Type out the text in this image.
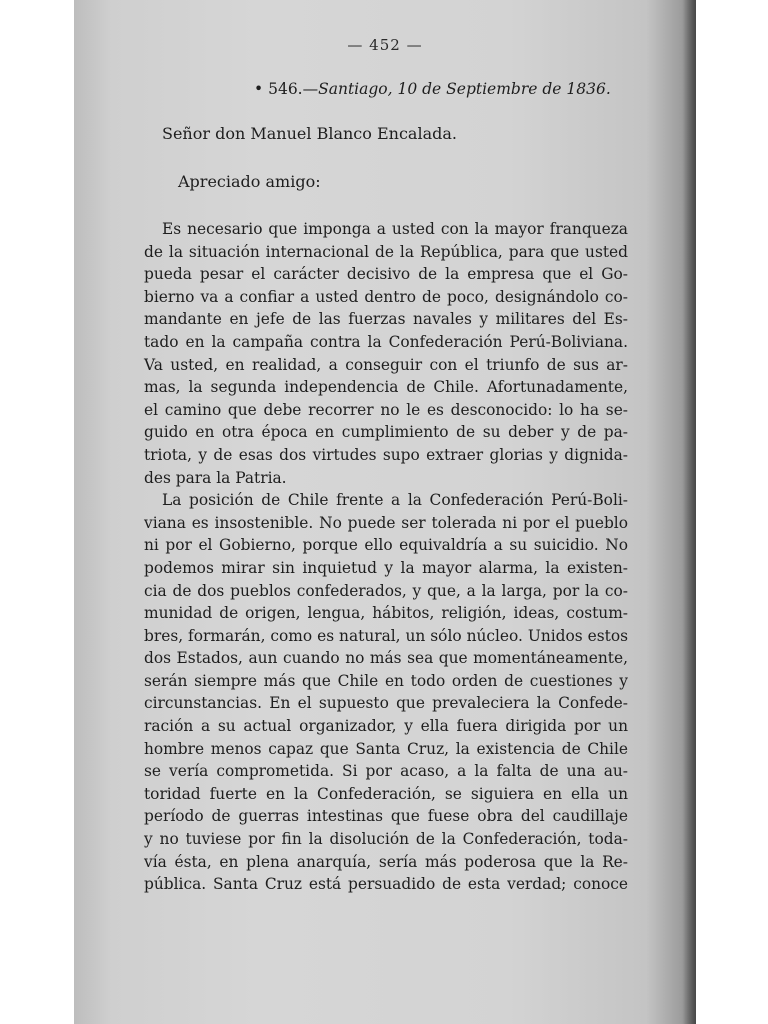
— 452 —
• 546.—Santiago, 10 de Septiembre de 1836.
Señor don Manuel Blanco Encalada.
Apreciado amigo:
Es necesario que imponga a usted con la mayor franqueza
de la situación internacional de la República, para que usted
pueda pesar el carácter decisivo de la empresa que el Go-
bierno va a confiar a usted dentro de poco, designándolo co-
mandante en jefe de las fuerzas navales y militares del Es-
tado en la campaña contra la Confederación Perú-Boliviana.
Va usted, en realidad, a conseguir con el triunfo de sus ar-
mas, la segunda independencia de Chile. Afortunadamente,
el camino que debe recorrer no le es desconocido: lo ha se-
guido en otra época en cumplimiento de su deber y de pa-
triota, y de esas dos virtudes supo extraer glorias y dignida-
des para la Patria.
La posición de Chile frente a la Confederación Perú-Boli-
viana es insostenible. No puede ser tolerada ni por el pueblo
ni por el Gobierno, porque ello equivaldría a su suicidio. No
podemos mirar sin inquietud y la mayor alarma, la existen-
cia de dos pueblos confederados, y que, a la larga, por la co-
munidad de origen, lengua, hábitos, religión, ideas, costum-
bres, formarán, como es natural, un sólo núcleo. Unidos estos
dos Estados, aun cuando no más sea que momentáneamente,
serán siempre más que Chile en todo orden de cuestiones y
circunstancias. En el supuesto que prevaleciera la Confede-
ración a su actual organizador, y ella fuera dirigida por un
hombre menos capaz que Santa Cruz, la existencia de Chile
se vería comprometida. Si por acaso, a la falta de una au-
toridad fuerte en la Confederación, se siguiera en ella un
período de guerras intestinas que fuese obra del caudillaje
y no tuviese por fin la disolución de la Confederación, toda-
vía ésta, en plena anarquía, sería más poderosa que la Re-
pública. Santa Cruz está persuadido de esta verdad; conoce
